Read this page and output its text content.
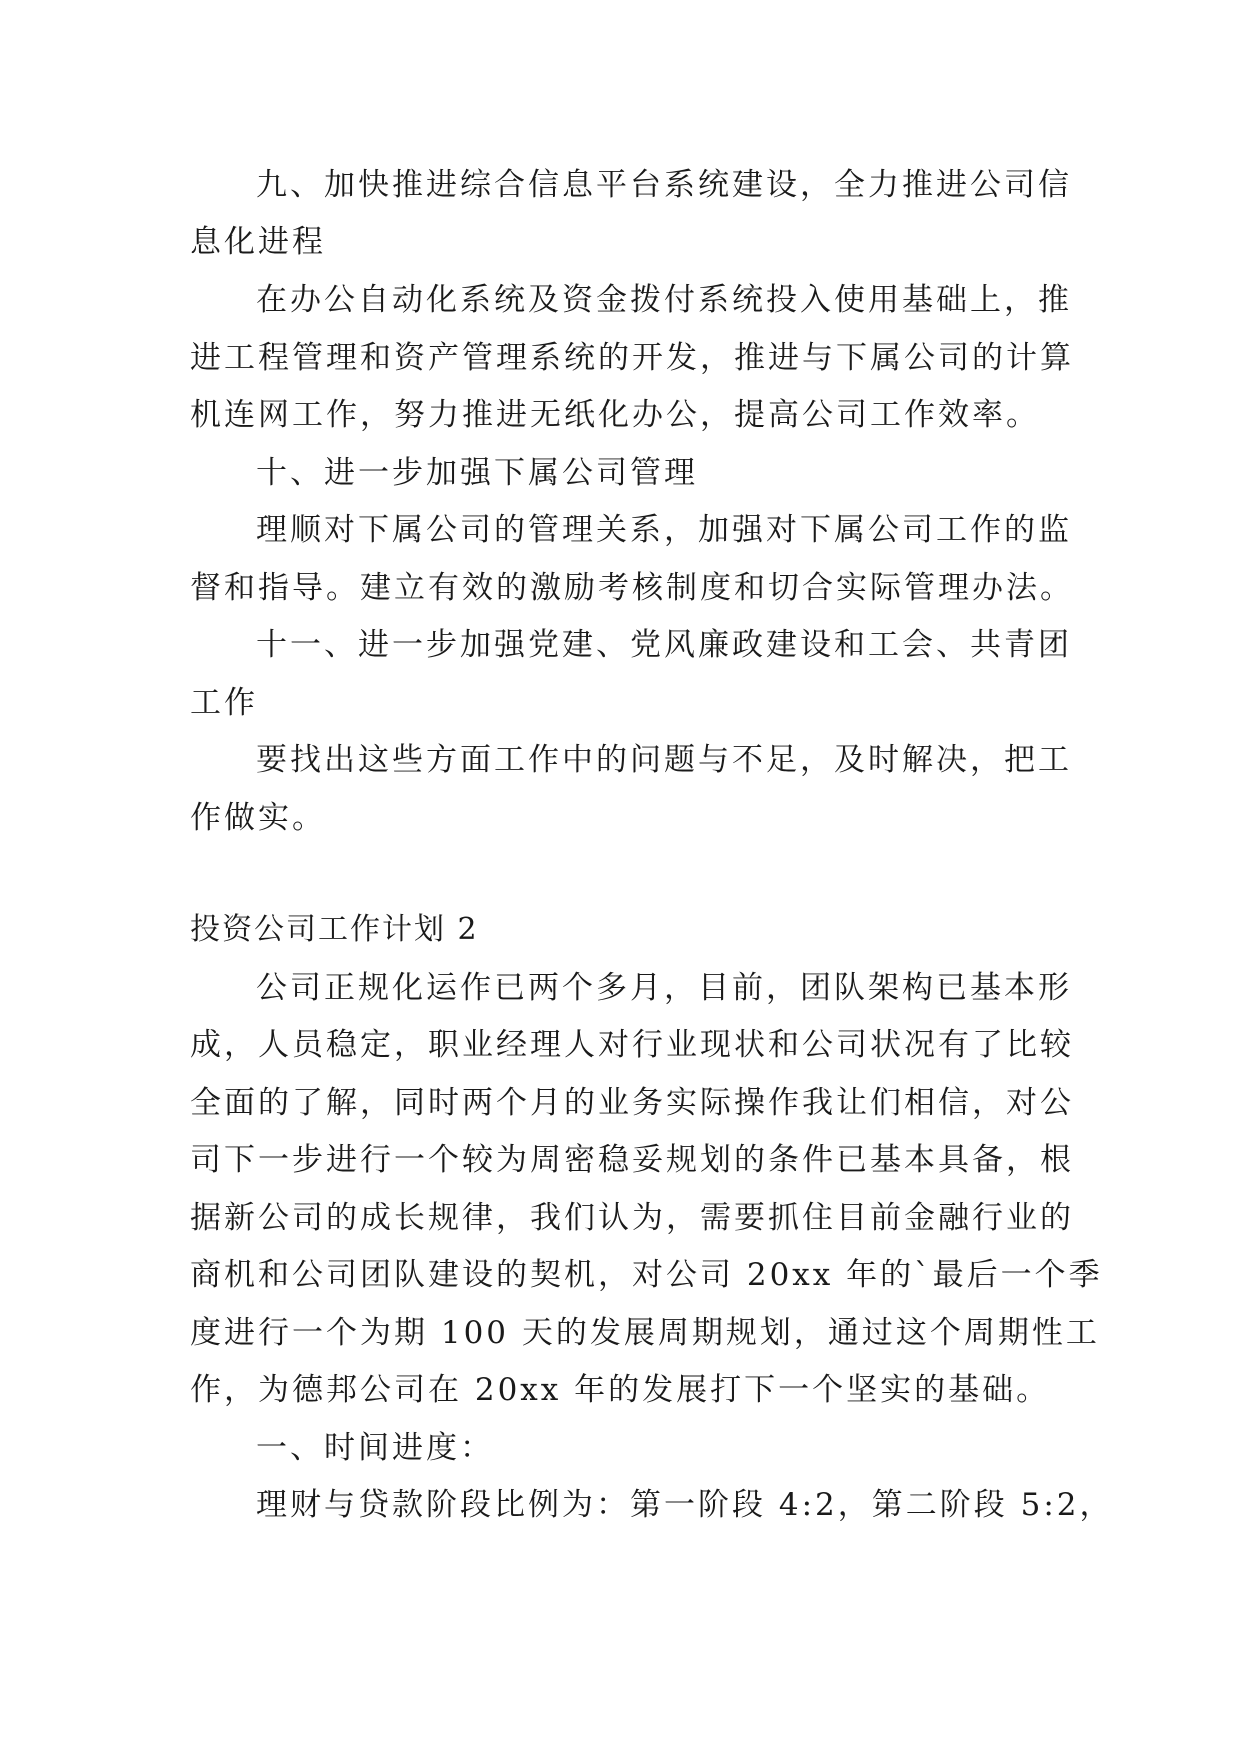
九、加快推进综合信息平台系统建设，全力推进公司信
息化进程
在办公自动化系统及资金拨付系统投入使用基础上，推
进工程管理和资产管理系统的开发，推进与下属公司的计算
机连网工作，努力推进无纸化办公，提高公司工作效率。
十、进一步加强下属公司管理
理顺对下属公司的管理关系，加强对下属公司工作的监
督和指导。建立有效的激励考核制度和切合实际管理办法。
十一、进一步加强党建、党风廉政建设和工会、共青团
工作
要找出这些方面工作中的问题与不足，及时解决，把工
作做实。
投资公司工作计划 2
公司正规化运作已两个多月，目前，团队架构已基本形
成，人员稳定，职业经理人对行业现状和公司状况有了比较
全面的了解，同时两个月的业务实际操作我让们相信，对公
司下一步进行一个较为周密稳妥规划的条件已基本具备，根
据新公司的成长规律，我们认为，需要抓住目前金融行业的
商机和公司团队建设的契机，对公司 20xx 年的`最后一个季
度进行一个为期 100 天的发展周期规划，通过这个周期性工
作，为德邦公司在 20xx 年的发展打下一个坚实的基础。
一、时间进度：
理财与贷款阶段比例为：第一阶段 4:2，第二阶段 5:2，
